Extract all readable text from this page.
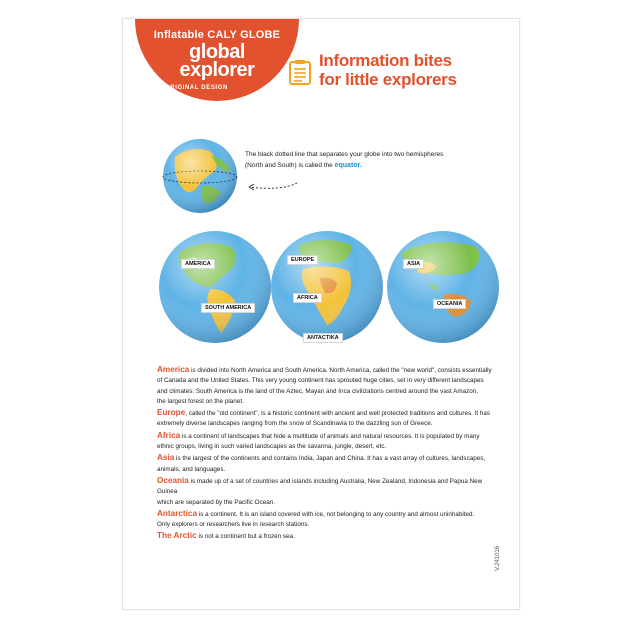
Inflatable CALY GLOBE
global
explorer
ORIGINAL DESIGN
Information bites
for little explorers
The black dotted line that separates your globe into two hemispheres
(North and South) is called the equator.
AMERICA
SOUTH AMERICA
EUROPE
AFRICA
ANTACTIKA
ASIA
OCEANIA
America is divided into North America and South America. North America, called the "new world", consists essentially
of Canada and the United States. This very young continent has sprouted huge cities, set in very different landscapes
and climates. South America is the land of the Aztec, Mayan and Inca civilizations centred around the vast Amazon,
the largest forest on the planet.
Europe, called the "old continent", is a historic continent with ancient and well protected traditions and cultures. It has
extremely diverse landscapes ranging from the snow of Scandinavia to the dazzling sun of Greece.
Africa is a continent of landscapes that hide a multitude of animals and natural resources. It is populated by many
ethnic groups, living in such varied landscapes as the savanna, jungle, desert, etc.
Asia is the largest of the continents and contains India, Japan and China. It has a vast array of cultures, landscapes,
animals, and languages.
Oceania is made up of a set of countries and islands including Australia, New Zealand, Indonesia and Papua New Guinea
which are separated by the Pacific Ocean.
Antarctica is a continent. It is an island covered with ice, not belonging to any country and almost uninhabited.
Only explorers or researchers live in research stations.
The Arctic is not a continent but a frozen sea.
V.241016
